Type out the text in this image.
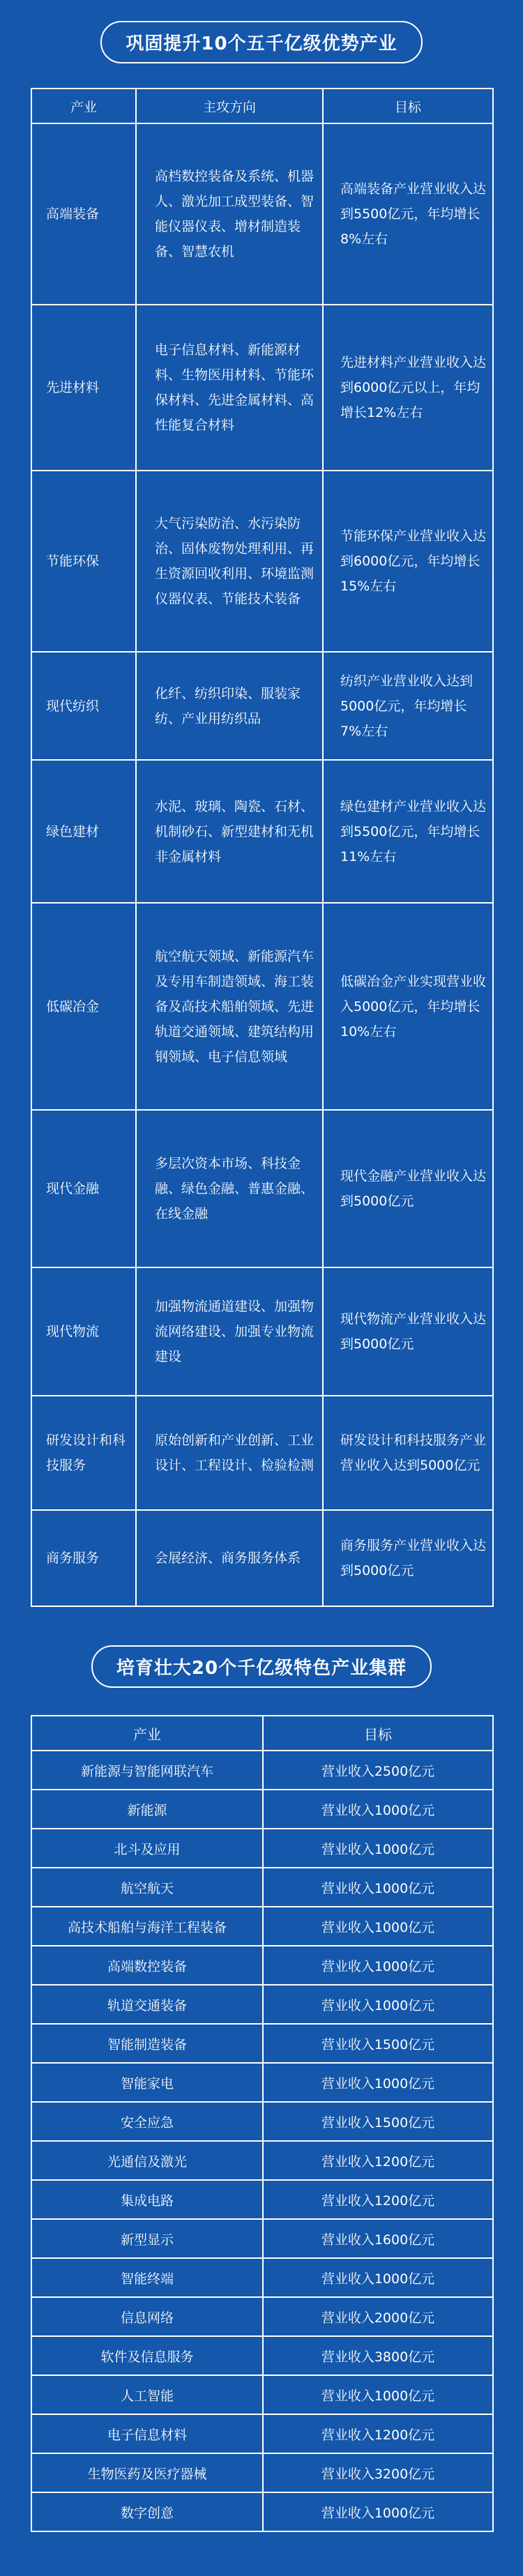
巩固提升10个五千亿级优势产业
产业	主攻方向	目标
高端装备	高档数控装备及系统、机器人、激光加工成型装备、智能仪器仪表、增材制造装备、智慧农机	高端装备产业营业收入达到5500亿元，年均增长8%左右
先进材料	电子信息材料、新能源材料、生物医用材料、节能环保材料、先进金属材料、高性能复合材料	先进材料产业营业收入达到6000亿元以上，年均增长12%左右
节能环保	大气污染防治、水污染防治、固体废物处理利用、再生资源回收利用、环境监测仪器仪表、节能技术装备	节能环保产业营业收入达到6000亿元，年均增长15%左右
现代纺织	化纤、纺织印染、服装家纺、产业用纺织品	纺织产业营业收入达到5000亿元，年均增长7%左右
绿色建材	水泥、玻璃、陶瓷、石材、机制砂石、新型建材和无机非金属材料	绿色建材产业营业收入达到5500亿元，年均增长11%左右
低碳冶金	航空航天领域、新能源汽车及专用车制造领域、海工装备及高技术船舶领域、先进轨道交通领域、建筑结构用钢领域、电子信息领域	低碳冶金产业实现营业收入5000亿元，年均增长10%左右
现代金融	多层次资本市场、科技金融、绿色金融、普惠金融、在线金融	现代金融产业营业收入达到5000亿元
现代物流	加强物流通道建设、加强物流网络建设、加强专业物流建设	现代物流产业营业收入达到5000亿元
研发设计和科技服务	原始创新和产业创新、工业设计、工程设计、检验检测	研发设计和科技服务产业营业收入达到5000亿元
商务服务	会展经济、商务服务体系	商务服务产业营业收入达到5000亿元
培育壮大20个千亿级特色产业集群
产业	目标
新能源与智能网联汽车	营业收入2500亿元
新能源	营业收入1000亿元
北斗及应用	营业收入1000亿元
航空航天	营业收入1000亿元
高技术船舶与海洋工程装备	营业收入1000亿元
高端数控装备	营业收入1000亿元
轨道交通装备	营业收入1000亿元
智能制造装备	营业收入1500亿元
智能家电	营业收入1000亿元
安全应急	营业收入1500亿元
光通信及激光	营业收入1200亿元
集成电路	营业收入1200亿元
新型显示	营业收入1600亿元
智能终端	营业收入1000亿元
信息网络	营业收入2000亿元
软件及信息服务	营业收入3800亿元
人工智能	营业收入1000亿元
电子信息材料	营业收入1200亿元
生物医药及医疗器械	营业收入3200亿元
数字创意	营业收入1000亿元
